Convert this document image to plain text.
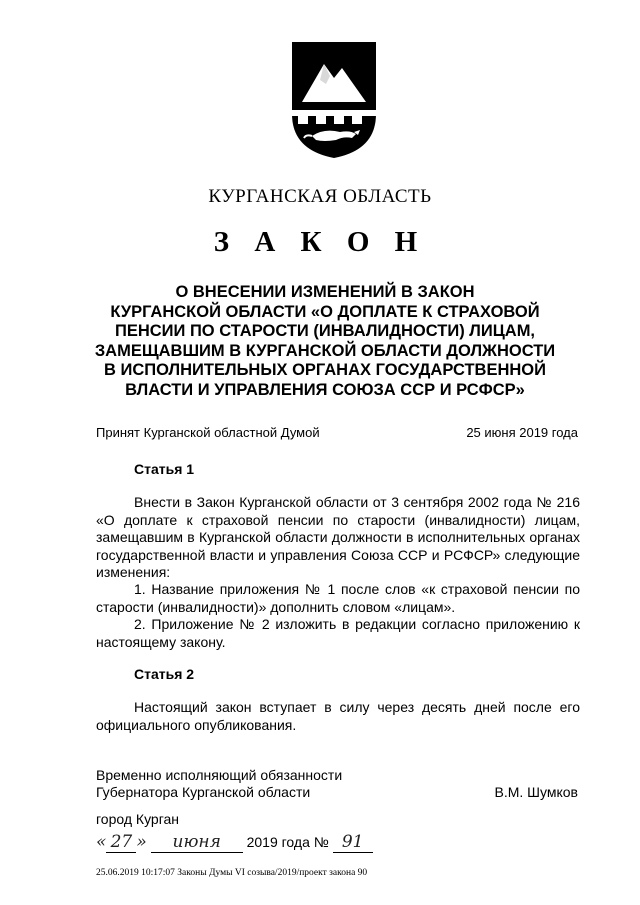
КУРГАНСКАЯ ОБЛАСТЬ
З А К О Н
О ВНЕСЕНИИ ИЗМЕНЕНИЙ В ЗАКОН
КУРГАНСКОЙ ОБЛАСТИ «О ДОПЛАТЕ К СТРАХОВОЙ
ПЕНСИИ ПО СТАРОСТИ (ИНВАЛИДНОСТИ) ЛИЦАМ,
ЗАМЕЩАВШИМ В КУРГАНСКОЙ ОБЛАСТИ ДОЛЖНОСТИ
В ИСПОЛНИТЕЛЬНЫХ ОРГАНАХ ГОСУДАРСТВЕННОЙ
ВЛАСТИ И УПРАВЛЕНИЯ СОЮЗА ССР И РСФСР»
Принят Курганской областной Думой	25 июня 2019 года
Статья 1
Внести в Закон Курганской области от 3 сентября 2002 года № 216 «О доплате к страховой пенсии по старости (инвалидности) лицам, замещавшим в Курганской области должности в исполнительных органах государственной власти и управления Союза ССР и РСФСР» следующие изменения:
1. Название приложения № 1 после слов «к страховой пенсии по старости (инвалидности)» дополнить словом «лицам».
2. Приложение № 2 изложить в редакции согласно приложению к настоящему закону.
Статья 2
Настоящий закон вступает в силу через десять дней после его официального опубликования.
Временно исполняющий обязанности
Губернатора Курганской области	В.М. Шумков
город Курган
« 27 » июня 2019 года № 91
25.06.2019 10:17:07 Законы Думы VI созыва/2019/проект закона 90
